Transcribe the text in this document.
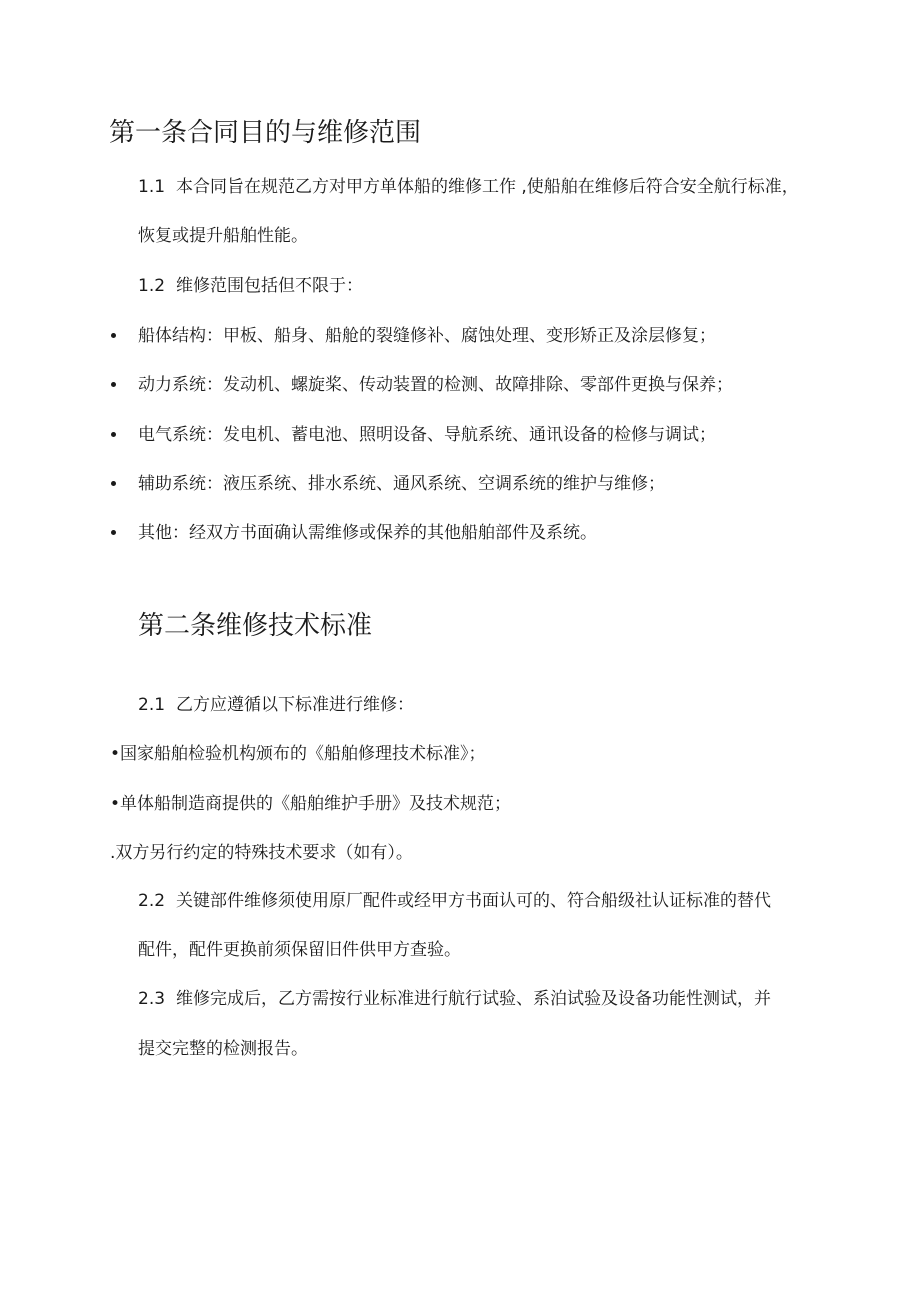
第一条合同目的与维修范围
1.1 本合同旨在规范乙方对甲方单体船的维修工作 ,使船舶在维修后符合安全航行标准，
恢复或提升船舶性能。
1.2 维修范围包括但不限于：
船体结构：甲板、船身、船舱的裂缝修补、腐蚀处理、变形矫正及涂层修复；
动力系统：发动机、螺旋桨、传动装置的检测、故障排除、零部件更换与保养；
电气系统：发电机、蓄电池、照明设备、导航系统、通讯设备的检修与调试；
辅助系统：液压系统、排水系统、通风系统、空调系统的维护与维修；
其他：经双方书面确认需维修或保养的其他船舶部件及系统。
第二条维修技术标准
2.1 乙方应遵循以下标准进行维修：
•国家船舶检验机构颁布的《船舶修理技术标准》；
•单体船制造商提供的《船舶维护手册》及技术规范；
.双方另行约定的特殊技术要求（如有）。
2.2 关键部件维修须使用原厂配件或经甲方书面认可的、符合船级社认证标准的替代
配件，配件更换前须保留旧件供甲方查验。
2.3 维修完成后，乙方需按行业标准进行航行试验、系泊试验及设备功能性测试，并
提交完整的检测报告。
